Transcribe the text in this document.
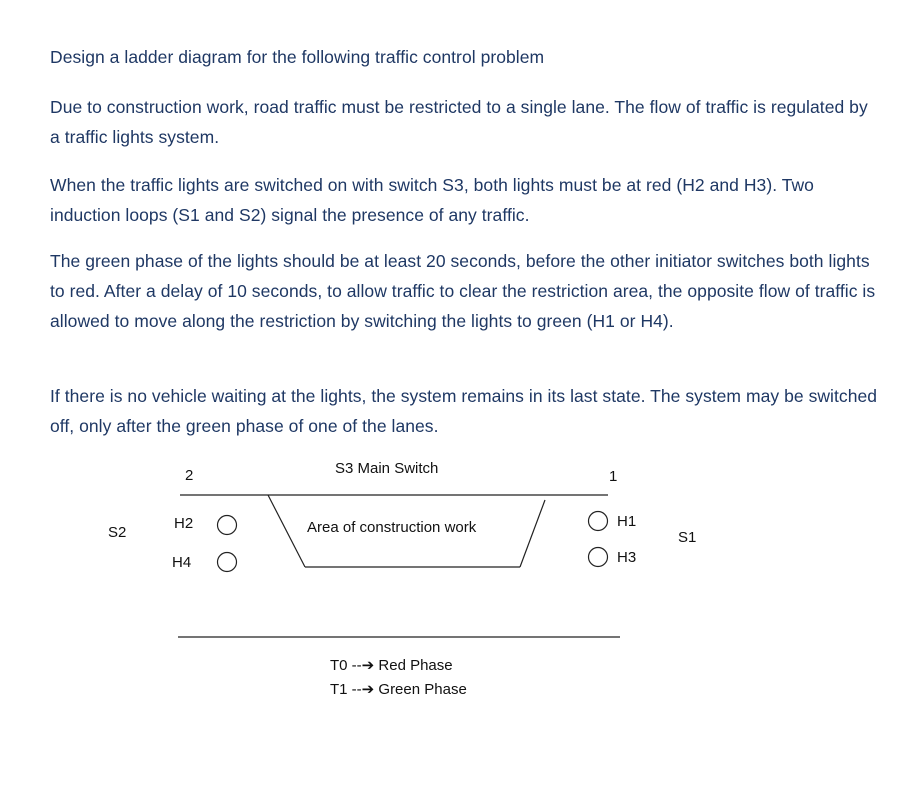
Design a ladder diagram for the following traffic control problem

Due to construction work, road traffic must be restricted to a single lane. The flow of traffic is regulated by a traffic lights system.

When the traffic lights are switched on with switch S3, both lights must be at red (H2 and H3). Two induction loops (S1 and S2) signal the presence of any traffic.

The green phase of the lights should be at least 20 seconds, before the other initiator switches both lights to red. After a delay of 10 seconds, to allow traffic to clear the restriction area, the opposite flow of traffic is allowed to move along the restriction by switching the lights to green (H1 or H4).

If there is no vehicle waiting at the lights, the system remains in its last state. The system may be switched off, only after the green phase of one of the lanes.

2	S3 Main Switch	1
S2
H2
H4
Area of construction work	H1
H3
S1
T0 --➔ Red Phase
T1 --➔ Green Phase
